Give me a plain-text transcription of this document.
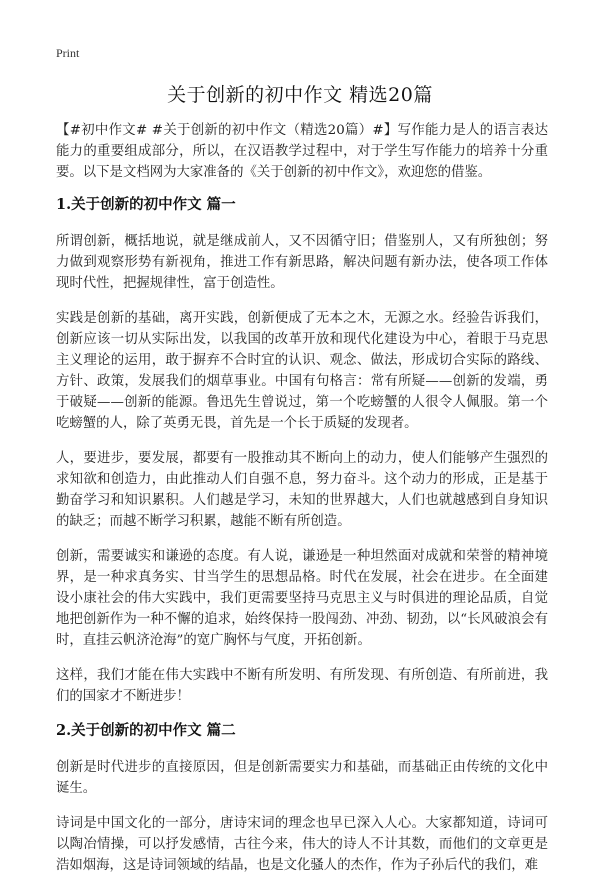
Print
关于创新的初中作文 精选20篇

【#初中作文# #关于创新的初中作文（精选20篇）#】写作能力是人的语言表达能力的重要组成部分，所以，在汉语教学过程中，对于学生写作能力的培养十分重要。以下是文档网为大家准备的《关于创新的初中作文》，欢迎您的借鉴。

1.关于创新的初中作文 篇一

所谓创新，概括地说，就是继成前人，又不因循守旧；借鉴别人，又有所独创；努力做到观察形势有新视角，推进工作有新思路，解决问题有新办法，使各项工作体现时代性，把握规律性，富于创造性。

实践是创新的基础，离开实践，创新便成了无本之木，无源之水。经验告诉我们，创新应该一切从实际出发，以我国的改革开放和现代化建设为中心，着眼于马克思主义理论的运用，敢于摒弃不合时宜的认识、观念、做法，形成切合实际的路线、方针、政策，发展我们的烟草事业。中国有句格言：常有所疑——创新的发端，勇于破疑——创新的能源。鲁迅先生曾说过，第一个吃螃蟹的人很令人佩服。第一个吃螃蟹的人，除了英勇无畏，首先是一个长于质疑的发现者。

人，要进步，要发展，都要有一股推动其不断向上的动力，使人们能够产生强烈的求知欲和创造力，由此推动人们自强不息，努力奋斗。这个动力的形成，正是基于勤奋学习和知识累积。人们越是学习，未知的世界越大，人们也就越感到自身知识的缺乏；而越不断学习积累，越能不断有所创造。

创新，需要诚实和谦逊的态度。有人说，谦逊是一种坦然面对成就和荣誉的精神境界，是一种求真务实、甘当学生的思想品格。时代在发展，社会在进步。在全面建设小康社会的伟大实践中，我们更需要坚持马克思主义与时俱进的理论品质，自觉地把创新作为一种不懈的追求，始终保持一股闯劲、冲劲、韧劲，以“长风破浪会有时，直挂云帆济沧海”的宽广胸怀与气度，开拓创新。

这样，我们才能在伟大实践中不断有所发明、有所发现、有所创造、有所前进，我们的国家才不断进步！

2.关于创新的初中作文 篇二

创新是时代进步的直接原因，但是创新需要实力和基础，而基础正由传统的文化中诞生。

诗词是中国文化的一部分，唐诗宋词的理念也早已深入人心。大家都知道，诗词可以陶冶情操，可以抒发感情，古往今来，伟大的诗人不计其数，而他们的文章更是浩如烟海，这是诗词领域的结晶，也是文化骚人的杰作，作为子孙后代的我们，难
